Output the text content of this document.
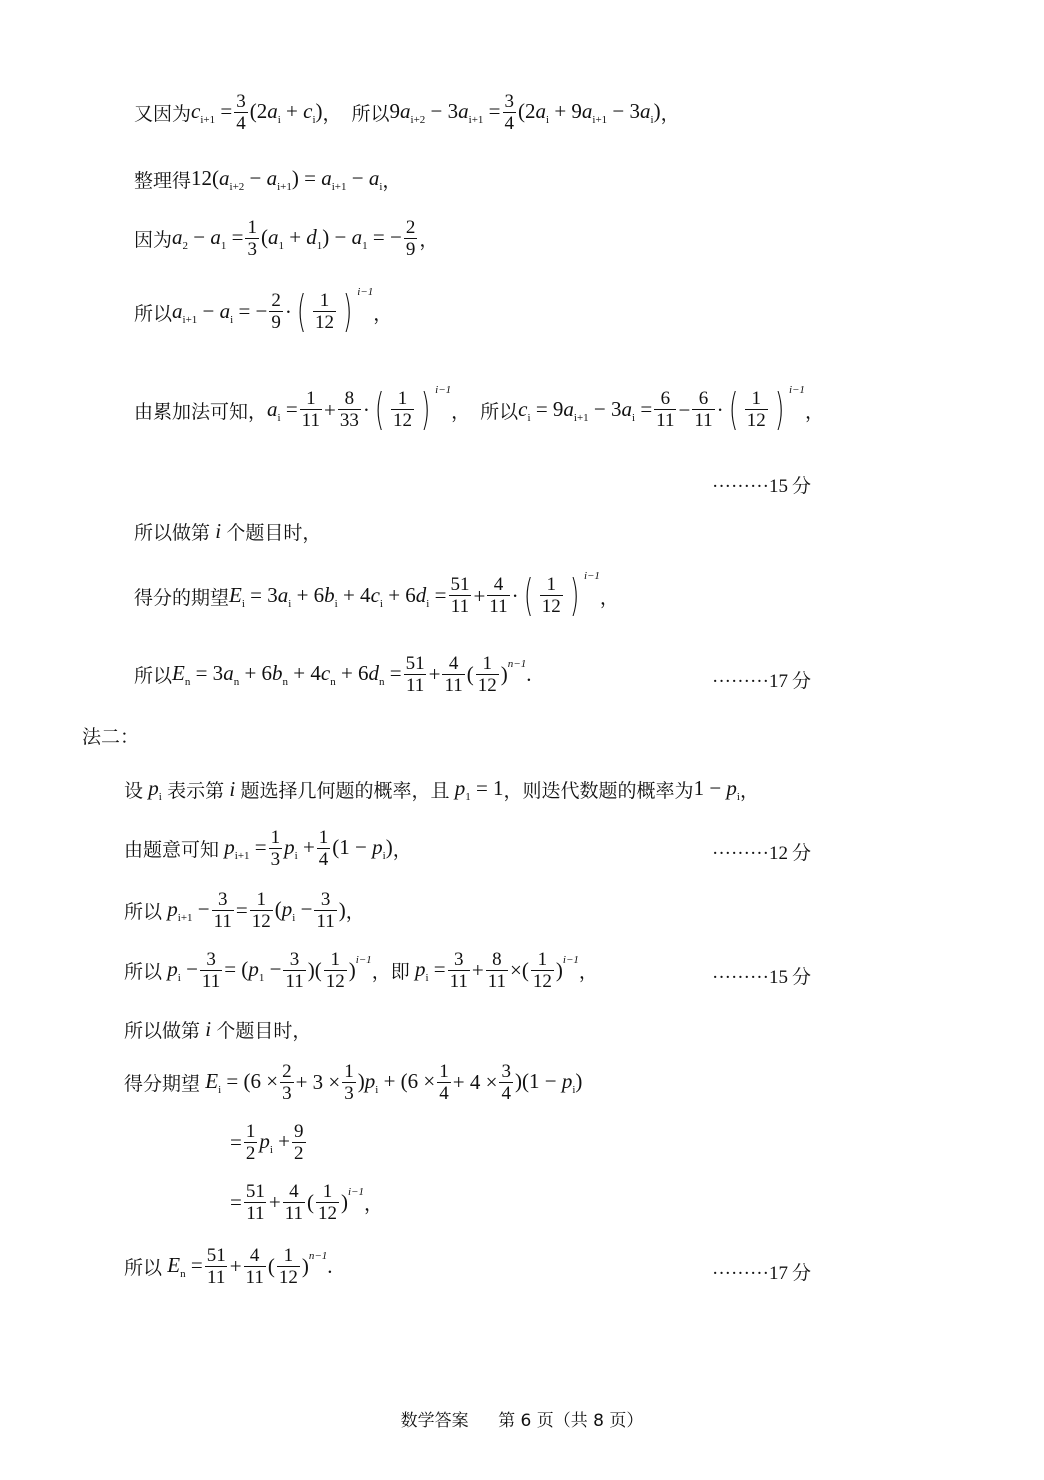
又因为 $c_{i+1} = \frac{3}{4} (2a_i + c_i)$ ， 所以 $9a_{i+2} - 3a_{i+1} = \frac{3}{4} (2a_i + 9a_{i+1} - 3a_i)$ ，
整理得 $12(a_{i+2} - a_{i+1}) = a_{i+1} - a_i$ ，
因为 $a_2 - a_1 = \frac{1}{3} (a_1 + d_1) - a_1$ = − $\frac{2}{9}$ ，
所以 $a_{i+1} - a_i$ = − $\frac{2}{9}$ · ( $\frac{1}{12}$ ) $^{i-1}$
，
由累加法可知， $a_i = \frac{1}{11} + \frac{8}{33}$ · ( $\frac{1}{12}$ ) $^{i-1}$
， 所以 $c_i = 9a_{i+1} - 3a_i = \frac{6}{11} - \frac{6}{11}$ · ( $\frac{1}{12}$ ) $^{i-1}$
，
·········15 分
所以做第 i 个题目时，
得分的期望 $E_i = 3a_i + 6b_i + 4c_i + 6d_i = \frac{51}{11} + \frac{4}{11}$ · ( $\frac{1}{12}$ ) $^{i-1}$
，
所以 $E_n = 3a_n + 6b_n + 4c_n + 6d_n = \frac{51}{11} + \frac{4}{11}$ ( $\frac{1}{12} )^{n-1}$ .	·········17 分
法二：
设 $p_i$ 表示第 i 题选择几何题的概率，且 $p_1 = 1$ ，则迭代数题的概率为 $1 - p_i$ ，
由题意可知 $p_{i+1} = \frac{1}{3} p_i + \frac{1}{4} (1 - p_i)$ ，	·········12 分
所以 $p_{i+1} - \frac{3}{11} = \frac{1}{12} (p_i - \frac{3}{11}$ ) ，
所以 $p_i - \frac{3}{11} = (p_1 - \frac{3}{11}$ )( $\frac{1}{12} )^{i-1}$
，即 $p_i = \frac{3}{11} + \frac{8}{11}$ ×( $\frac{1}{12} )^{i-1}$
，	·········15 分
所以做第 i 个题目时，
得分期望 $E_i = (6 \times \frac{2}{3} + 3 \times \frac{1}{3} )p_i + (6 \times \frac{1}{4} + 4 \times \frac{3}{4} )(1 - p_i)$
= $\frac{1}{2} p_i + \frac{9}{2}$
= $\frac{51}{11} + \frac{4}{11}$ ( $\frac{1}{12} )^{i-1}$
，
所以 $E_n = \frac{51}{11} + \frac{4}{11}$ ( $\frac{1}{12} )^{n-1}$ .	·········17 分
数学答案 第 6 页（共 8 页）
